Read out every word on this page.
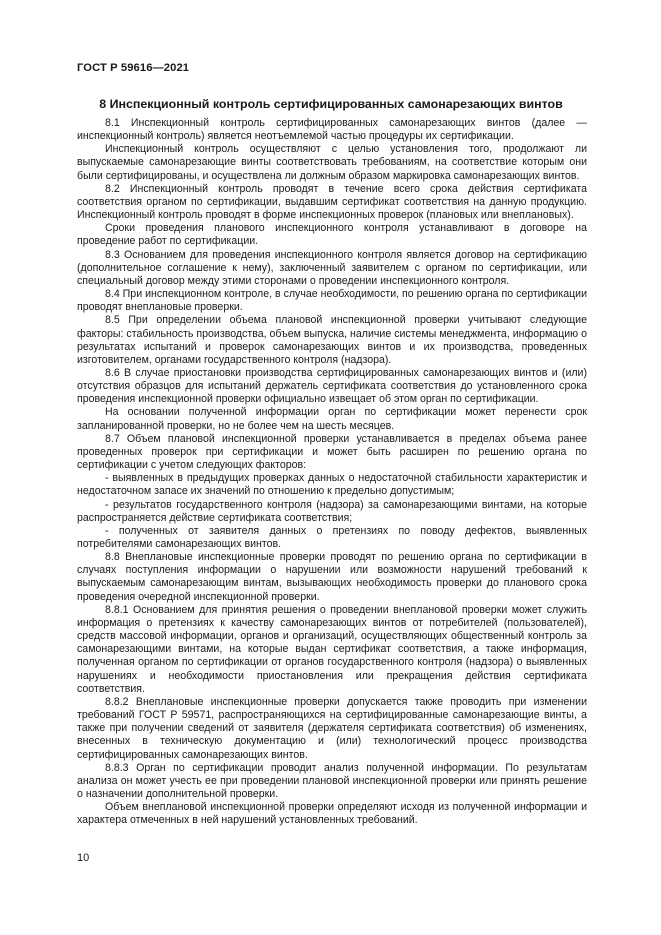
ГОСТ Р 59616—2021
8 Инспекционный контроль сертифицированных самонарезающих винтов

8.1 Инспекционный контроль сертифицированных самонарезающих винтов (далее — инспекционный контроль) является неотъемлемой частью процедуры их сертификации.

Инспекционный контроль осуществляют с целью установления того, продолжают ли выпускаемые самонарезающие винты соответствовать требованиям, на соответствие которым они были сертифицированы, и осуществлена ли должным образом маркировка самонарезающих винтов.

8.2 Инспекционный контроль проводят в течение всего срока действия сертификата соответствия органом по сертификации, выдавшим сертификат соответствия на данную продукцию. Инспекционный контроль проводят в форме инспекционных проверок (плановых или внеплановых).

Сроки проведения планового инспекционного контроля устанавливают в договоре на проведение работ по сертификации.

8.3 Основанием для проведения инспекционного контроля является договор на сертификацию (дополнительное соглашение к нему), заключенный заявителем с органом по сертификации, или специальный договор между этими сторонами о проведении инспекционного контроля.

8.4 При инспекционном контроле, в случае необходимости, по решению органа по сертификации проводят внеплановые проверки.

8.5 При определении объема плановой инспекционной проверки учитывают следующие факторы: стабильность производства, объем выпуска, наличие системы менеджмента, информацию о результатах испытаний и проверок самонарезающих винтов и их производства, проведенных изготовителем, органами государственного контроля (надзора).

8.6 В случае приостановки производства сертифицированных самонарезающих винтов и (или) отсутствия образцов для испытаний держатель сертификата соответствия до установленного срока проведения инспекционной проверки официально извещает об этом орган по сертификации.

На основании полученной информации орган по сертификации может перенести срок запланированной проверки, но не более чем на шесть месяцев.

8.7 Объем плановой инспекционной проверки устанавливается в пределах объема ранее проведенных проверок при сертификации и может быть расширен по решению органа по сертификации с учетом следующих факторов:

- выявленных в предыдущих проверках данных о недостаточной стабильности характеристик и недостаточном запасе их значений по отношению к предельно допустимым;

- результатов государственного контроля (надзора) за самонарезающими винтами, на которые распространяется действие сертификата соответствия;

- полученных от заявителя данных о претензиях по поводу дефектов, выявленных потребителями самонарезающих винтов.

8.8 Внеплановые инспекционные проверки проводят по решению органа по сертификации в случаях поступления информации о нарушении или возможности нарушений требований к выпускаемым самонарезающим винтам, вызывающих необходимость проверки до планового срока проведения очередной инспекционной проверки.

8.8.1 Основанием для принятия решения о проведении внеплановой проверки может служить информация о претензиях к качеству самонарезающих винтов от потребителей (пользователей), средств массовой информации, органов и организаций, осуществляющих общественный контроль за самонарезающими винтами, на которые выдан сертификат соответствия, а также информация, полученная органом по сертификации от органов государственного контроля (надзора) о выявленных нарушениях и необходимости приостановления или прекращения действия сертификата соответствия.

8.8.2 Внеплановые инспекционные проверки допускается также проводить при изменении требований ГОСТ Р 59571, распространяющихся на сертифицированные самонарезающие винты, а также при получении сведений от заявителя (держателя сертификата соответствия) об изменениях, внесенных в техническую документацию и (или) технологический процесс производства сертифицированных самонарезающих винтов.

8.8.3 Орган по сертификации проводит анализ полученной информации. По результатам анализа он может учесть ее при проведении плановой инспекционной проверки или принять решение о назначении дополнительной проверки.

Объем внеплановой инспекционной проверки определяют исходя из полученной информации и характера отмеченных в ней нарушений установленных требований.

10
